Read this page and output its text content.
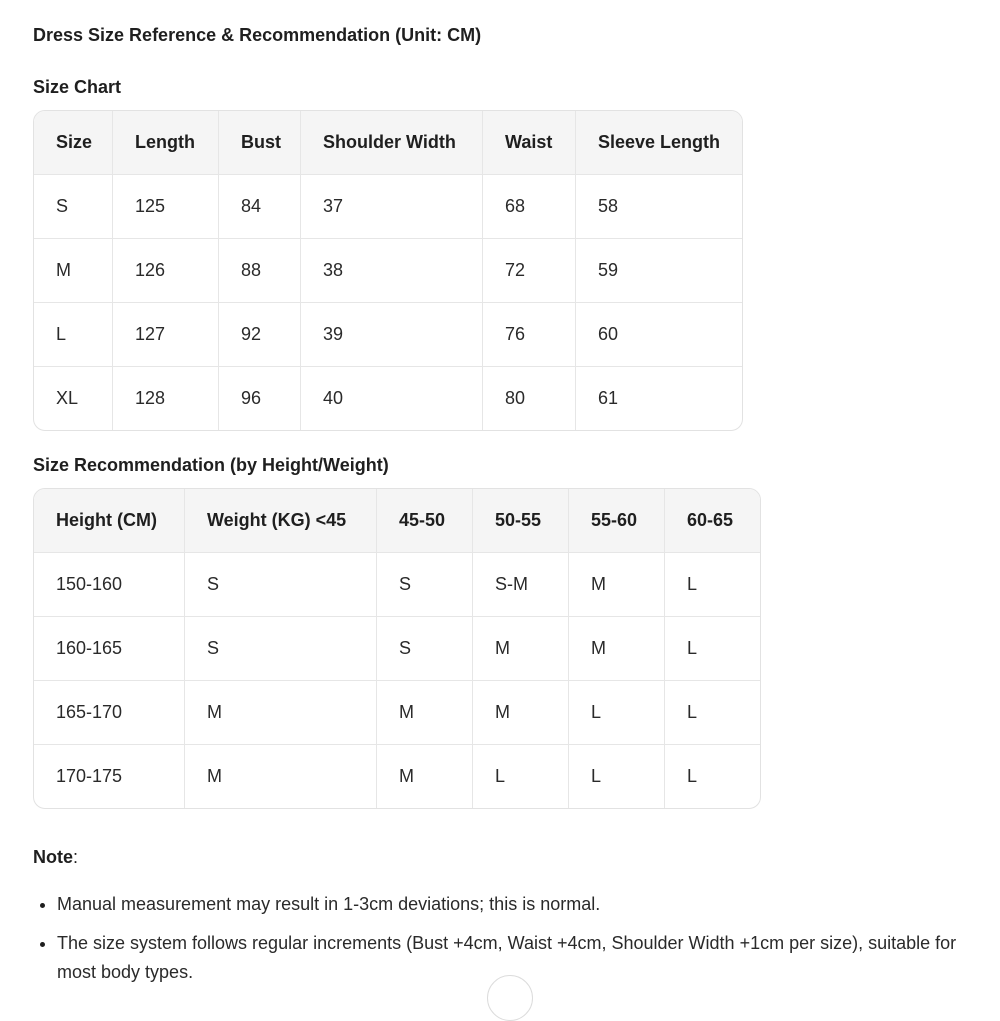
Dress Size Reference & Recommendation (Unit: CM)
Size Chart
Size	Length	Bust	Shoulder Width	Waist	Sleeve Length
S	125	84	37	68	58
M	126	88	38	72	59
L	127	92	39	76	60
XL	128	96	40	80	61
Size Recommendation (by Height/Weight)
Height (CM)	Weight (KG) <45	45-50	50-55	55-60	60-65
150-160	S	S	S-M	M	L
160-165	S	S	M	M	L
165-170	M	M	M	L	L
170-175	M	M	L	L	L
Note:
• Manual measurement may result in 1-3cm deviations; this is normal.
• The size system follows regular increments (Bust +4cm, Waist +4cm, Shoulder Width +1cm per size), suitable for most body types.
